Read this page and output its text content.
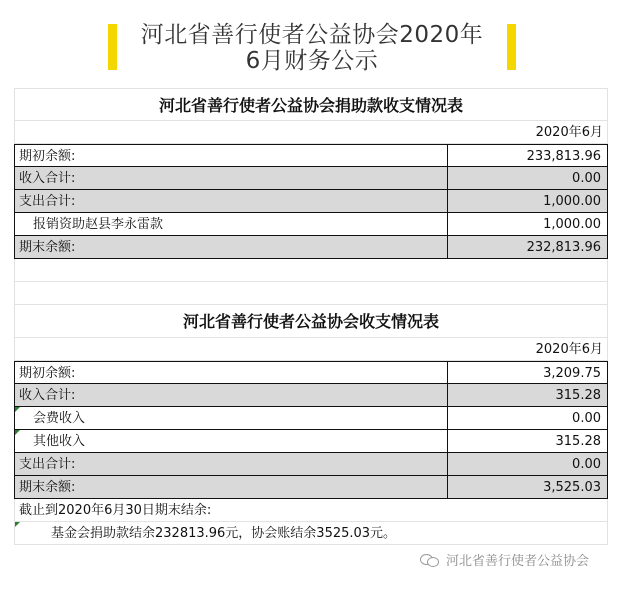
河北省善行使者公益协会2020年
6月财务公示
河北省善行使者公益协会捐助款收支情况表
2020年6月
期初余额:	233,813.96
收入合计:	0.00
支出合计:	1,000.00
报销资助赵县李永雷款	1,000.00
期末余额:	232,813.96
河北省善行使者公益协会收支情况表
2020年6月
期初余额:	3,209.75
收入合计:	315.28
会费收入	0.00
其他收入	315.28
支出合计:	0.00
期末余额:	3,525.03
截止到2020年6月30日期末结余:
基金会捐助款结余232813.96元，协会账结余3525.03元。
河北省善行使者公益协会
